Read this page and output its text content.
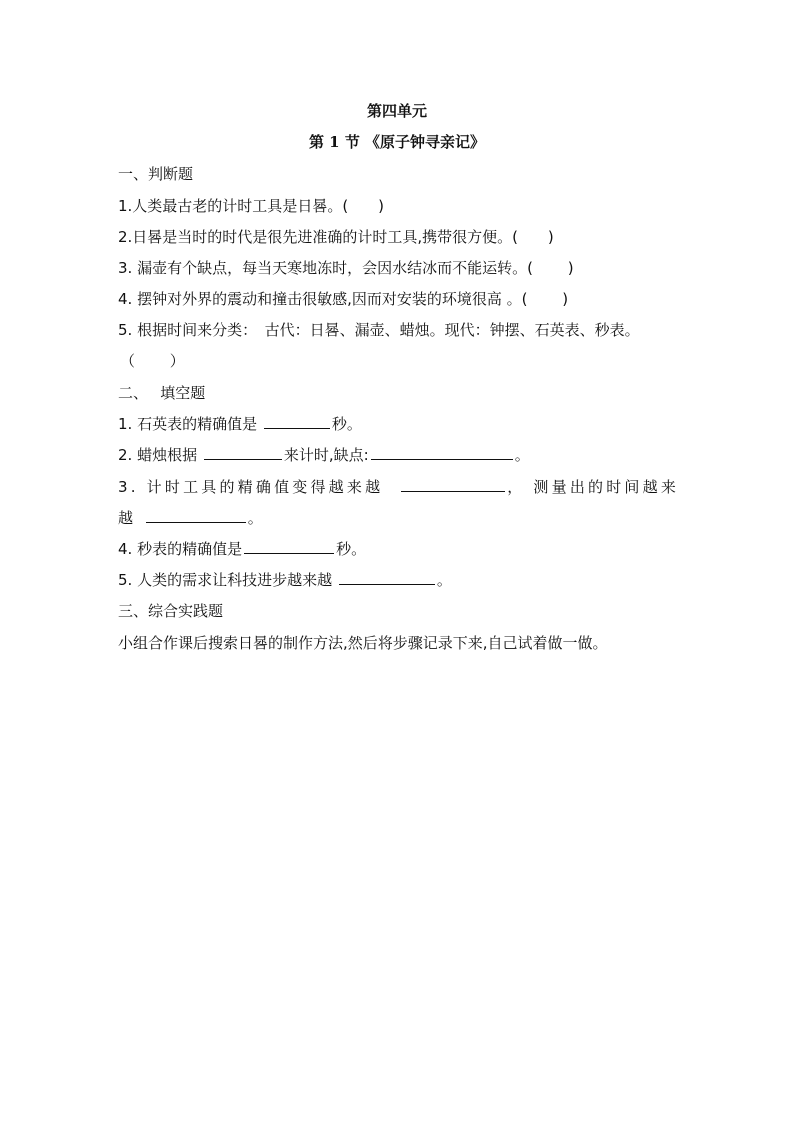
第四单元
第 1 节 《原子钟寻亲记》
一、判断题
1.人类最古老的计时工具是日晷。(　　)
2.日晷是当时的时代是很先进准确的计时工具,携带很方便。(　　)
3. 漏壶有个缺点，每当天寒地冻时，会因水结冰而不能运转。(　　 )
4. 摆钟对外界的震动和撞击很敏感,因而对安装的环境很高 。(　　 )
5. 根据时间来分类：　古代：日晷、漏壶、蜡烛。现代：钟摆、石英表、秒表。
（　　 ）
二、　 填空题
1. 石英表的精确值是	秒。
2. 蜡烛根据	来计时,缺点:	。
3. 计时工具的精确值变得越来越	， 测量出的时间越来
越	。
4. 秒表的精确值是	秒。
5. 人类的需求让科技进步越来越	。
三、综合实践题
小组合作课后搜索日晷的制作方法,然后将步骤记录下来,自己试着做一做。
